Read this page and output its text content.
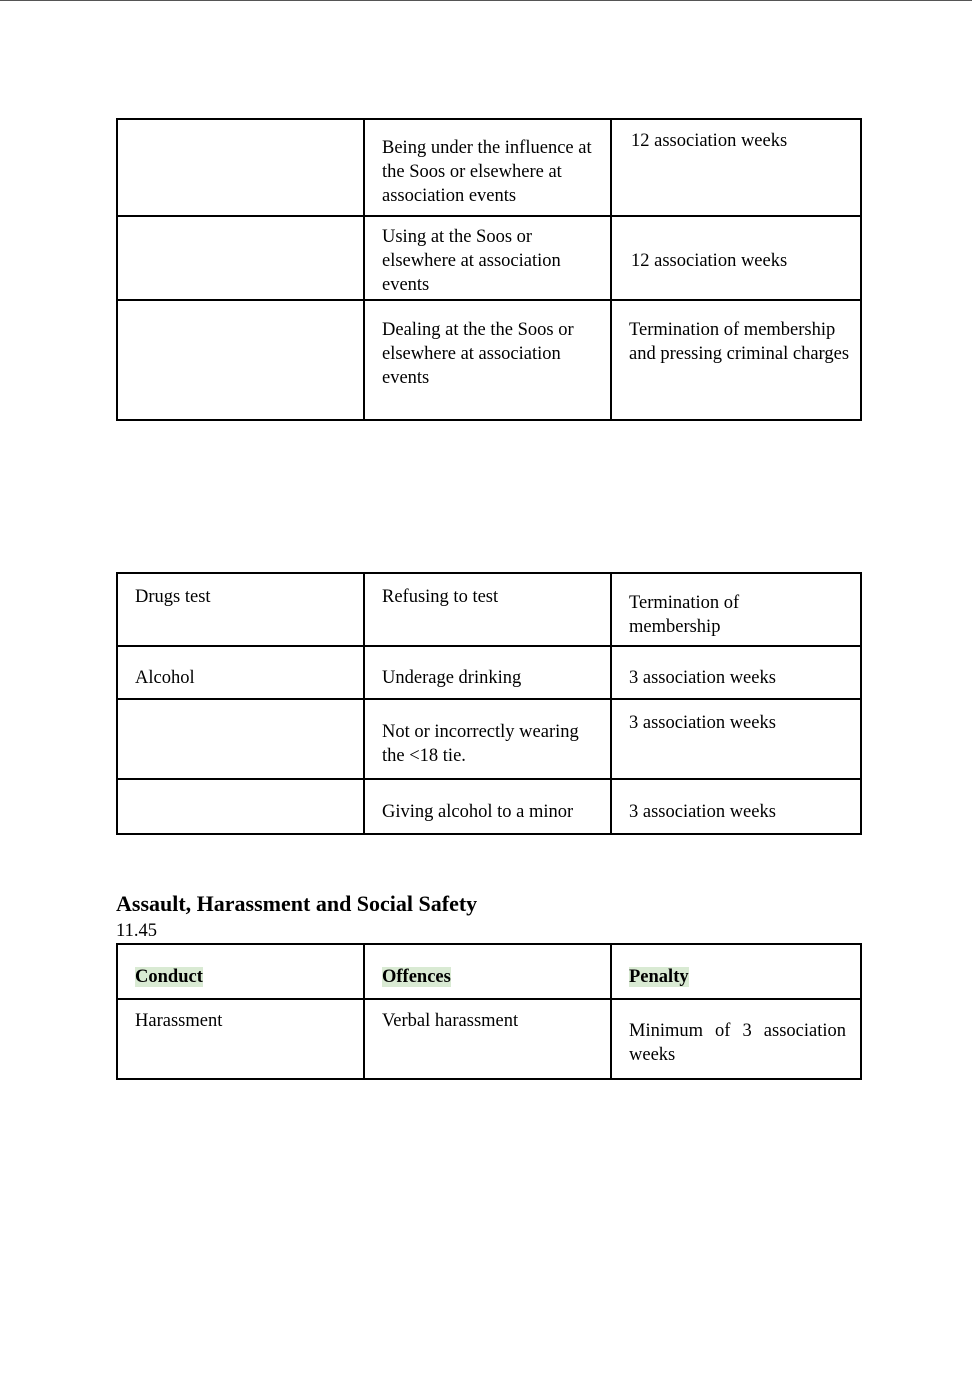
	Being under the influence at the Soos or elsewhere at association events	12 association weeks
	Using at the Soos or elsewhere at association events	12 association weeks
	Dealing at the the Soos or elsewhere at association events	Termination of membership and pressing criminal charges
Drugs test	Refusing to test	Termination of membership
Alcohol	Underage drinking	3 association weeks
	Not or incorrectly wearing the <18 tie.	3 association weeks
	Giving alcohol to a minor	3 association weeks
Assault, Harassment and Social Safety
11.45
Conduct	Offences	Penalty
Harassment	Verbal harassment	Minimum of 3 association weeks
